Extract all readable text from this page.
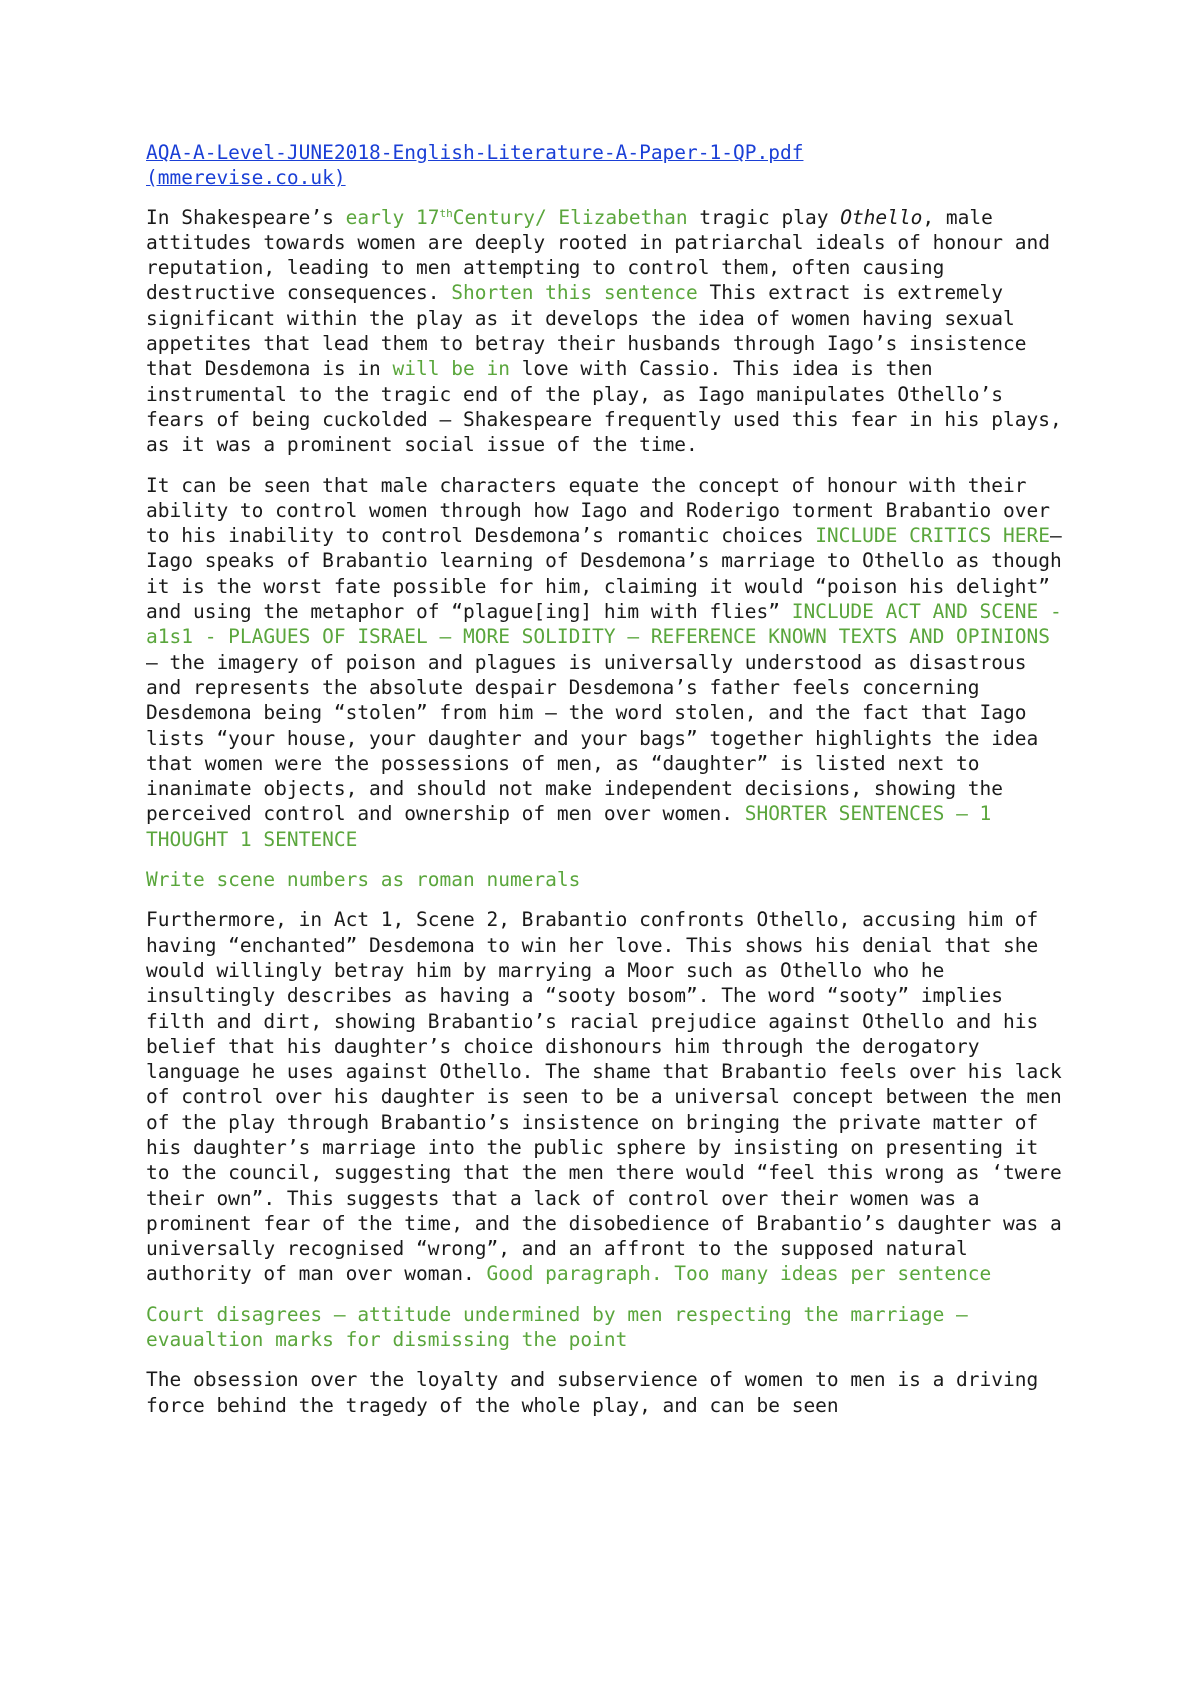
AQA-A-Level-JUNE2018-English-Literature-A-Paper-1-QP.pdf
(mmerevise.co.uk)

In Shakespeare’s early 17thCentury/ Elizabethan tragic play Othello, male attitudes towards women are deeply rooted in patriarchal ideals of honour and reputation, leading to men attempting to control them, often causing destructive consequences. Shorten this sentence This extract is extremely significant within the play as it develops the idea of women having sexual appetites that lead them to betray their husbands through Iago’s insistence that Desdemona is in will be in love with Cassio. This idea is then instrumental to the tragic end of the play, as Iago manipulates Othello’s fears of being cuckolded – Shakespeare frequently used this fear in his plays, as it was a prominent social issue of the time.

It can be seen that male characters equate the concept of honour with their ability to control women through how Iago and Roderigo torment Brabantio over to his inability to control Desdemona’s romantic choices INCLUDE CRITICS HERE– Iago speaks of Brabantio learning of Desdemona’s marriage to Othello as though it is the worst fate possible for him, claiming it would “poison his delight” and using the metaphor of “plague[ing] him with flies” INCLUDE ACT AND SCENE -a1s1 - PLAGUES OF ISRAEL – MORE SOLIDITY – REFERENCE KNOWN TEXTS AND OPINIONS – the imagery of poison and plagues is universally understood as disastrous and represents the absolute despair Desdemona’s father feels concerning Desdemona being “stolen” from him – the word stolen, and the fact that Iago lists “your house, your daughter and your bags” together highlights the idea that women were the possessions of men, as “daughter” is listed next to inanimate objects, and should not make independent decisions, showing the perceived control and ownership of men over women. SHORTER SENTENCES – 1 THOUGHT 1 SENTENCE

Write scene numbers as roman numerals

Furthermore, in Act 1, Scene 2, Brabantio confronts Othello, accusing him of having “enchanted” Desdemona to win her love. This shows his denial that she would willingly betray him by marrying a Moor such as Othello who he insultingly describes as having a “sooty bosom”. The word “sooty” implies filth and dirt, showing Brabantio’s racial prejudice against Othello and his belief that his daughter’s choice dishonours him through the derogatory language he uses against Othello. The shame that Brabantio feels over his lack of control over his daughter is seen to be a universal concept between the men of the play through Brabantio’s insistence on bringing the private matter of his daughter’s marriage into the public sphere by insisting on presenting it to the council, suggesting that the men there would “feel this wrong as ‘twere their own”. This suggests that a lack of control over their women was a prominent fear of the time, and the disobedience of Brabantio’s daughter was a universally recognised “wrong”, and an affront to the supposed natural authority of man over woman. Good paragraph. Too many ideas per sentence

Court disagrees – attitude undermined by men respecting the marriage – evaualtion marks for dismissing the point

The obsession over the loyalty and subservience of women to men is a driving force behind the tragedy of the whole play, and can be seen
